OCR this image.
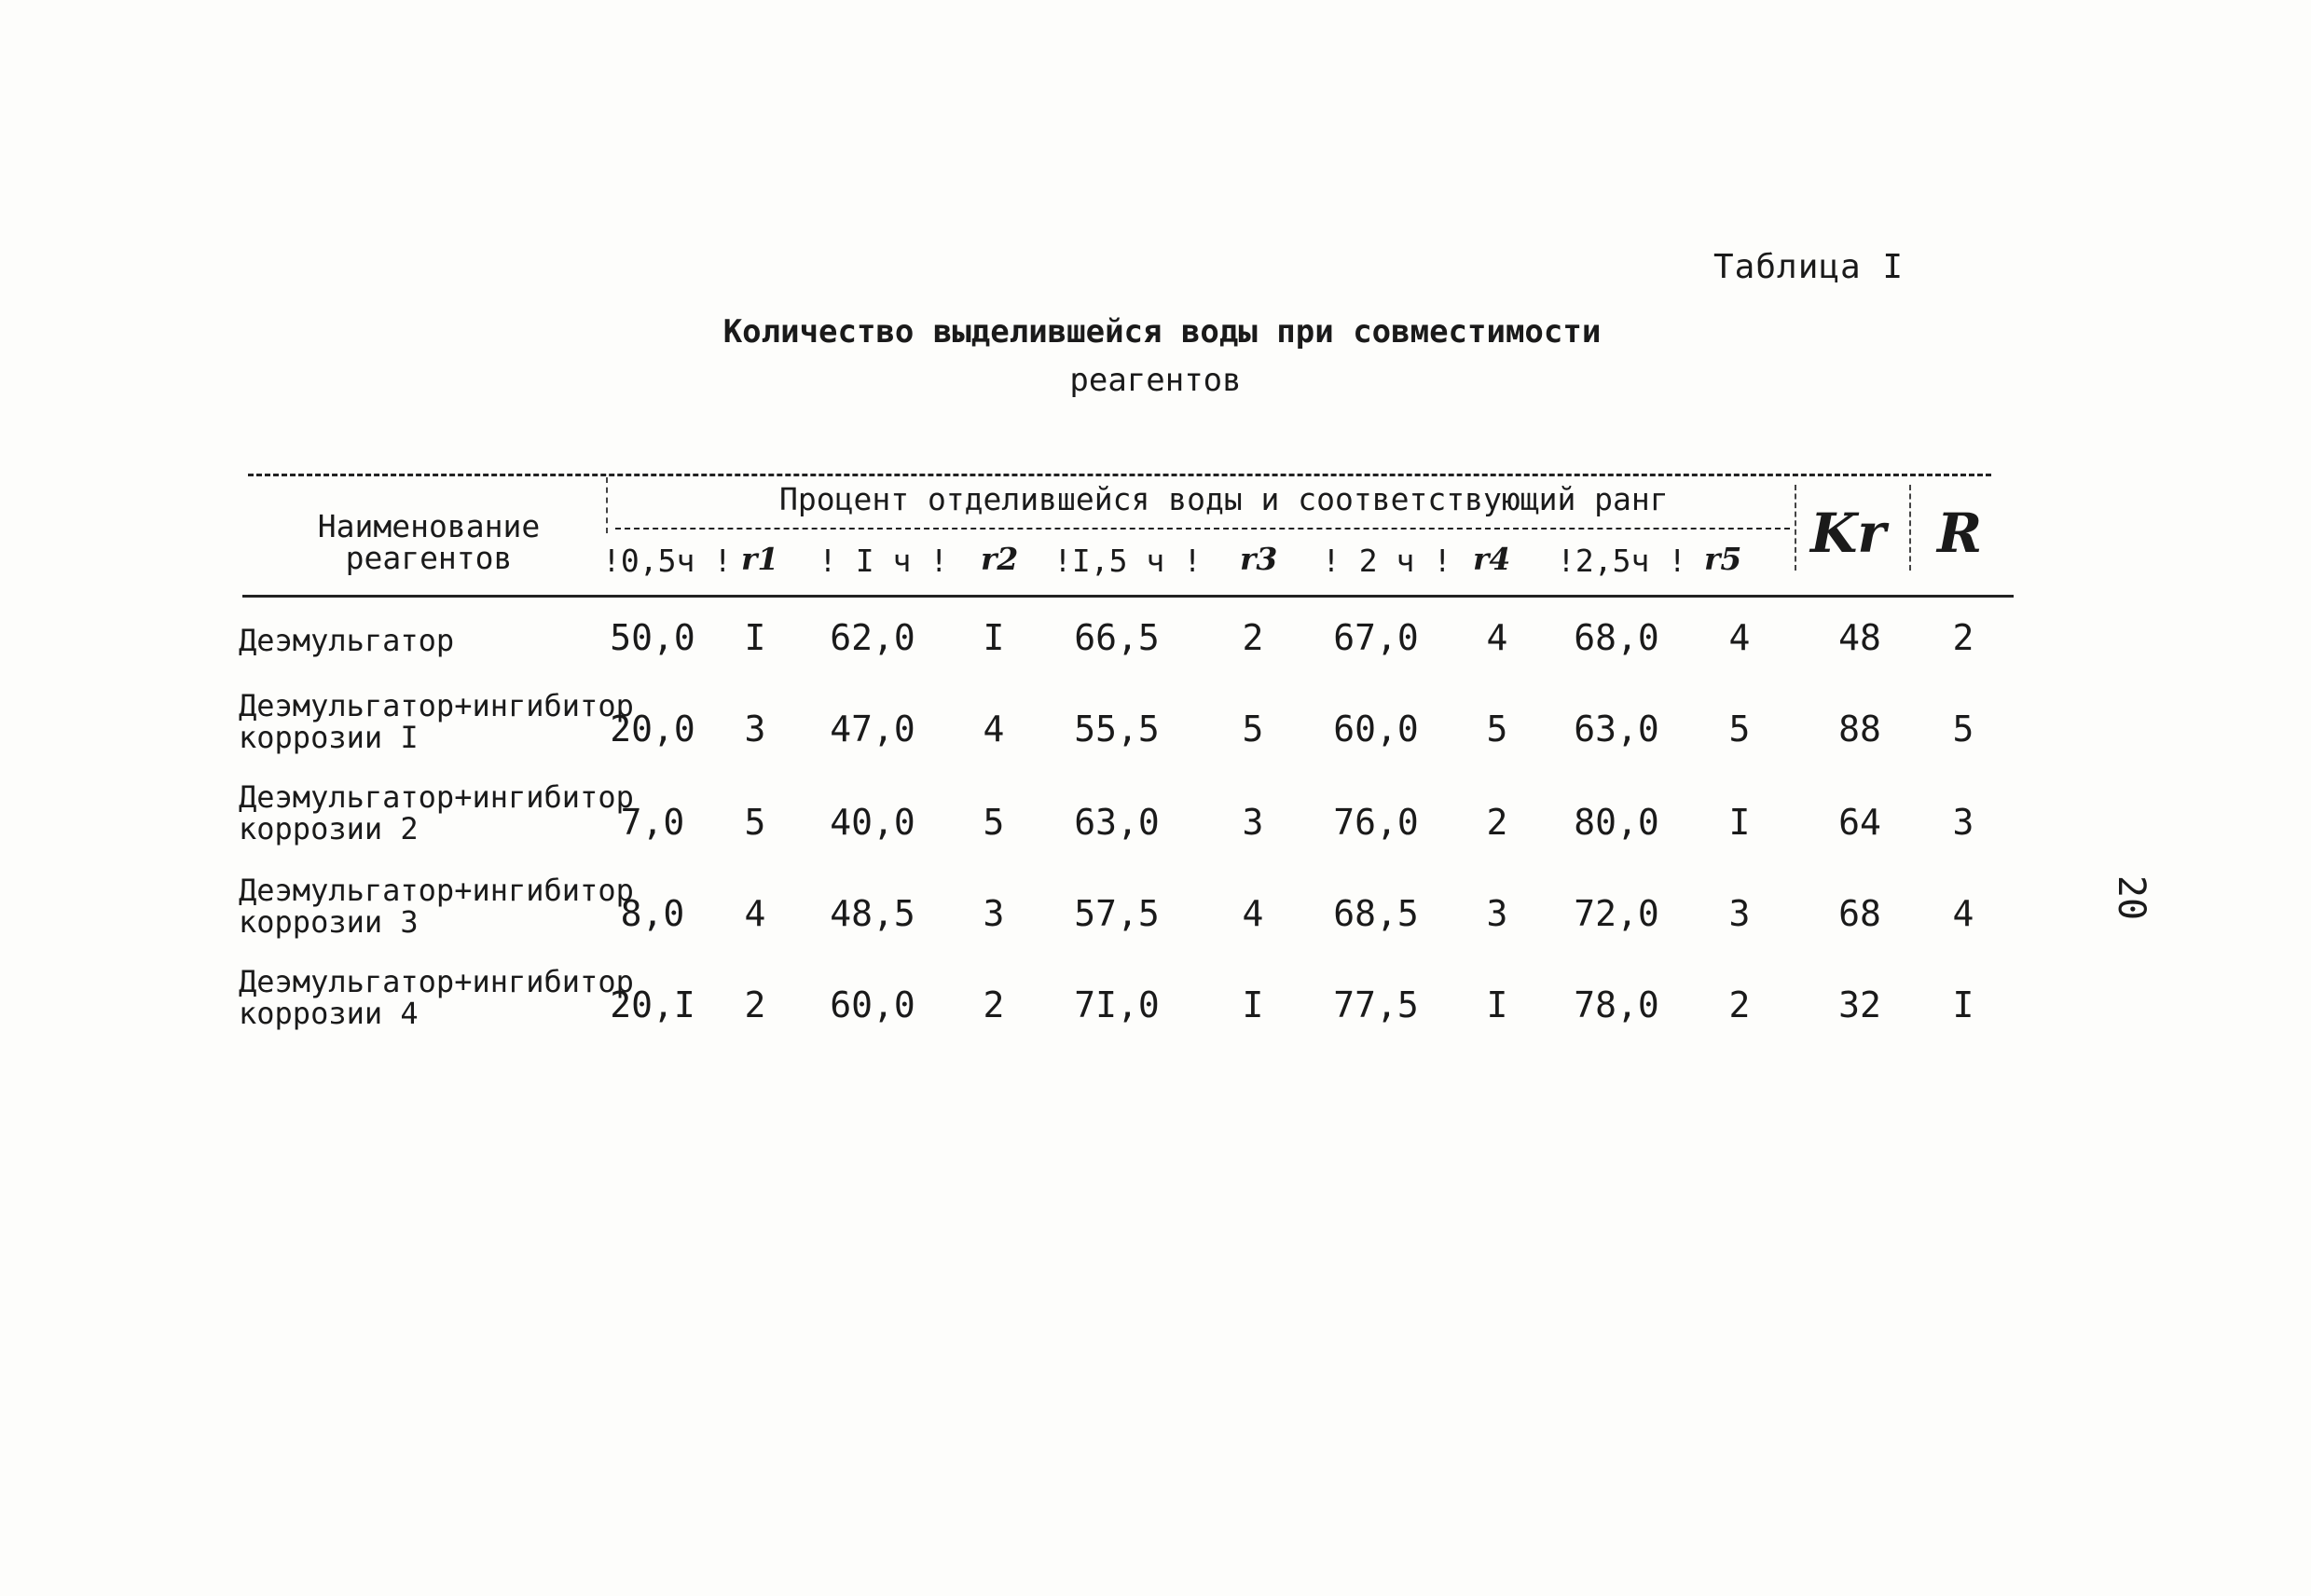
Таблица I
Количество выделившейся воды при совместимости
реагентов
20
Наименование реагентов
Процент отделившейся воды и соответствующий ранг
!0,5ч ! r1 ! I ч ! r2 !I,5 ч ! r3 ! 2 ч ! r4 !2,5ч ! r5 Kr R
Деэмульгатор	50,0	I	62,0	I	66,5	2	67,0	4	68,0	4	48	2
Деэмульгатор+ингибитор коррозии I	20,0	3	47,0	4	55,5	5	60,0	5	63,0	5	88	5
Деэмульгатор+ингибитор коррозии 2	7,0	5	40,0	5	63,0	3	76,0	2	80,0	I	64	3
Деэмульгатор+ингибитор коррозии 3	8,0	4	48,5	3	57,5	4	68,5	3	72,0	3	68	4
Деэмульгатор+ингибитор коррозии 4	20,I	2	60,0	2	7I,0	I	77,5	I	78,0	2	32	I
